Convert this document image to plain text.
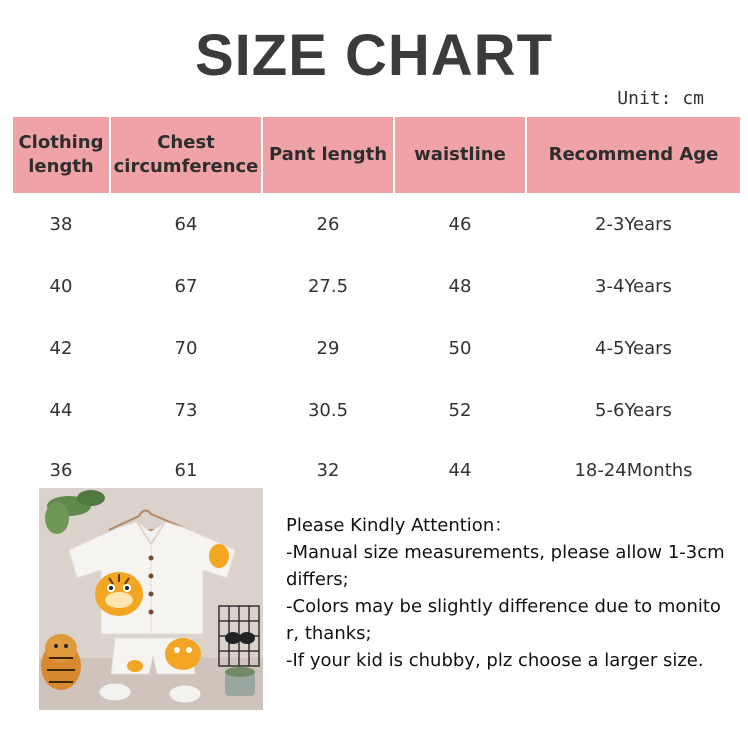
SIZE CHART
Unit: cm
Clothing length	Chest circumference	Pant length	waistline	Recommend Age
38	64	26	46	2-3Years
40	67	27.5	48	3-4Years
42	70	29	50	4-5Years
44	73	30.5	52	5-6Years
36	61	32	44	18-24Months
Please Kindly Attention：
-Manual size measurements, please allow 1-3cm differs;
-Colors may be slightly difference due to monitor, thanks;
-If your kid is chubby, plz choose a larger size.
